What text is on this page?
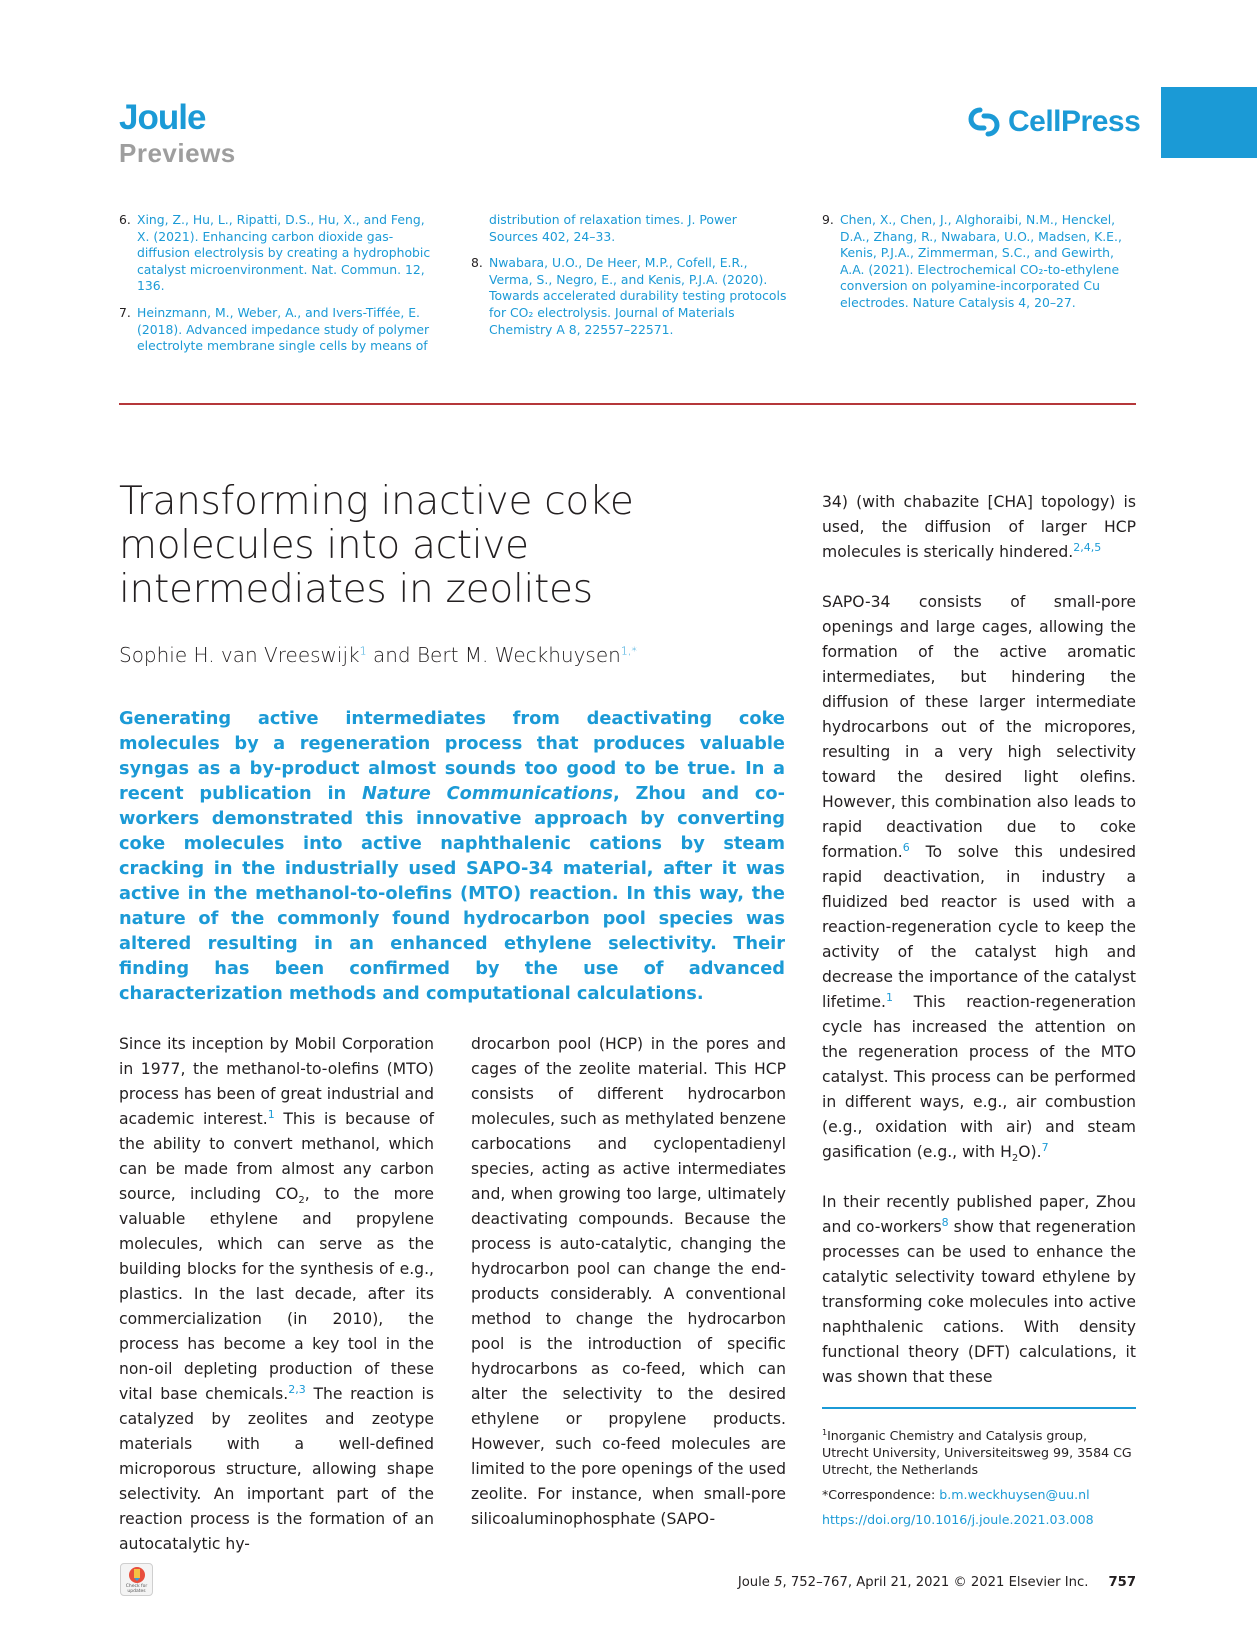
Joule
Previews
CellPress
6. Xing, Z., Hu, L., Ripatti, D.S., Hu, X., and Feng, X. (2021). Enhancing carbon dioxide gas-diffusion electrolysis by creating a hydrophobic catalyst microenvironment. Nat. Commun. 12, 136.
7. Heinzmann, M., Weber, A., and Ivers-Tiffée, E. (2018). Advanced impedance study of polymer electrolyte membrane single cells by means of
distribution of relaxation times. J. Power Sources 402, 24–33.
8. Nwabara, U.O., De Heer, M.P., Cofell, E.R., Verma, S., Negro, E., and Kenis, P.J.A. (2020). Towards accelerated durability testing protocols for CO₂ electrolysis. Journal of Materials Chemistry A 8, 22557–22571.
9. Chen, X., Chen, J., Alghoraibi, N.M., Henckel, D.A., Zhang, R., Nwabara, U.O., Madsen, K.E., Kenis, P.J.A., Zimmerman, S.C., and Gewirth, A.A. (2021). Electrochemical CO₂-to-ethylene conversion on polyamine-incorporated Cu electrodes. Nature Catalysis 4, 20–27.
Transforming inactive coke molecules into active intermediates in zeolites
Sophie H. van Vreeswijk$^1$ and Bert M. Weckhuysen$^{1,*}$
Generating active intermediates from deactivating coke molecules by a regeneration process that produces valuable syngas as a by-product almost sounds too good to be true. In a recent publication in Nature Communications, Zhou and co-workers demonstrated this innovative approach by converting coke molecules into active naphthalenic cations by steam cracking in the industrially used SAPO-34 material, after it was active in the methanol-to-olefins (MTO) reaction. In this way, the nature of the commonly found hydrocarbon pool species was altered resulting in an enhanced ethylene selectivity. Their finding has been confirmed by the use of advanced characterization methods and computational calculations.

Since its inception by Mobil Corporation in 1977, the methanol-to-olefins (MTO) process has been of great industrial and academic interest.$^1$ This is because of the ability to convert methanol, which can be made from almost any carbon source, including $CO_2$, to the more valuable ethylene and propylene molecules, which can serve as the building blocks for the synthesis of e.g., plastics. In the last decade, after its commercialization (in 2010), the process has become a key tool in the non-oil depleting production of these vital base chemicals.$^{2,3}$ The reaction is catalyzed by zeolites and zeotype materials with a well-defined microporous structure, allowing shape selectivity. An important part of the reaction process is the formation of an autocatalytic hy-

drocarbon pool (HCP) in the pores and cages of the zeolite material. This HCP consists of different hydrocarbon molecules, such as methylated benzene carbocations and cyclopentadienyl species, acting as active intermediates and, when growing too large, ultimately deactivating compounds. Because the process is auto-catalytic, changing the hydrocarbon pool can change the end-products considerably. A conventional method to change the hydrocarbon pool is the introduction of specific hydrocarbons as co-feed, which can alter the selectivity to the desired ethylene or propylene products. However, such co-feed molecules are limited to the pore openings of the used zeolite. For instance, when small-pore silicoaluminophosphate (SAPO-

34) (with chabazite [CHA] topology) is used, the diffusion of larger HCP molecules is sterically hindered.$^{2,4,5}$

SAPO-34 consists of small-pore openings and large cages, allowing the formation of the active aromatic intermediates, but hindering the diffusion of these larger intermediate hydrocarbons out of the micropores, resulting in a very high selectivity toward the desired light olefins. However, this combination also leads to rapid deactivation due to coke formation.$^6$ To solve this undesired rapid deactivation, in industry a fluidized bed reactor is used with a reaction-regeneration cycle to keep the activity of the catalyst high and decrease the importance of the catalyst lifetime.$^1$ This reaction-regeneration cycle has increased the attention on the regeneration process of the MTO catalyst. This process can be performed in different ways, e.g., air combustion (e.g., oxidation with air) and steam gasification (e.g., with $H_2O).^7$

In their recently published paper, Zhou and co-workers$^8$ show that regeneration processes can be used to enhance the catalytic selectivity toward ethylene by transforming coke molecules into active naphthalenic cations. With density functional theory (DFT) calculations, it was shown that these

$^1$Inorganic Chemistry and Catalysis group, Utrecht University, Universiteitsweg 99, 3584 CG Utrecht, the Netherlands
*Correspondence: b.m.weckhuysen@uu.nl
https://doi.org/10.1016/j.joule.2021.03.008
Check for updates
Joule 5, 752–767, April 21, 2021 © 2021 Elsevier Inc. 757
